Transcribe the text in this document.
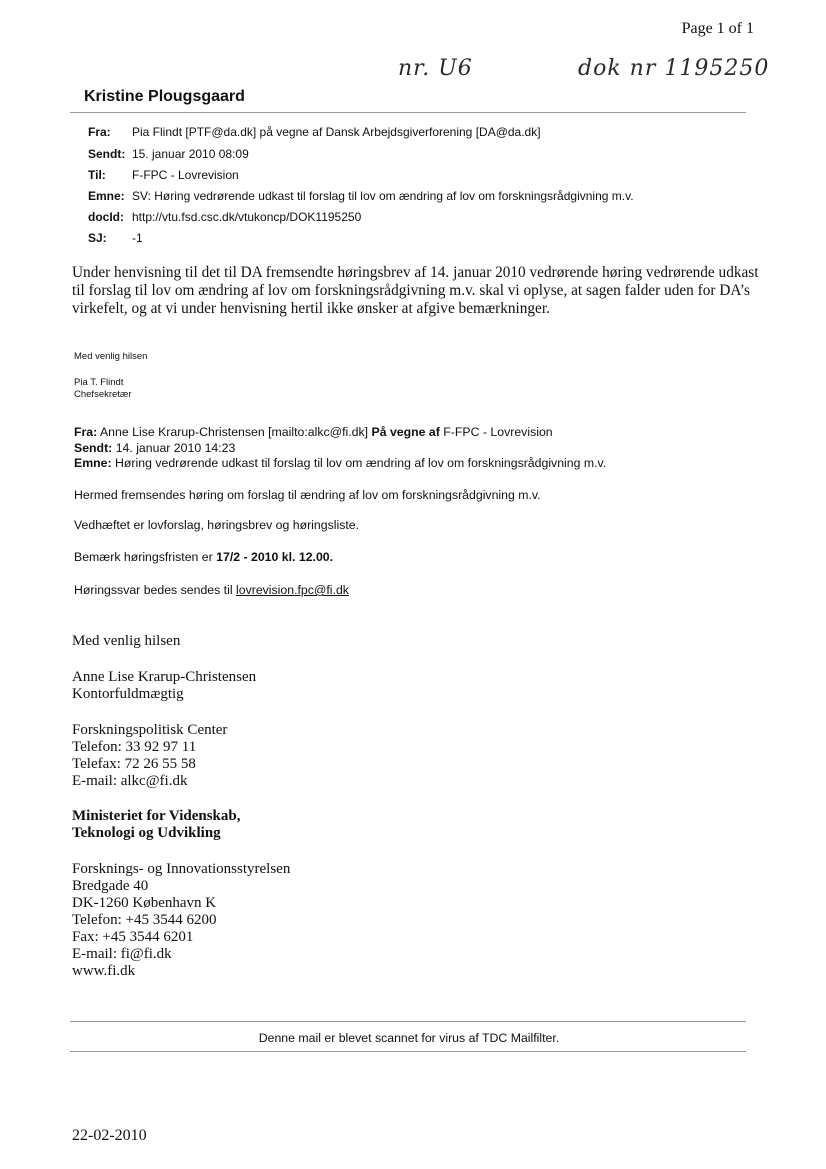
Page 1 of 1
nr. U6	dok nr 1195250
Kristine Plougsgaard
Fra: Pia Flindt [PTF@da.dk] på vegne af Dansk Arbejdsgiverforening [DA@da.dk]
Sendt: 15. januar 2010 08:09
Til: F-FPC - Lovrevision
Emne: SV: Høring vedrørende udkast til forslag til lov om ændring af lov om forskningsrådgivning m.v.
docId: http://vtu.fsd.csc.dk/vtukoncp/DOK1195250
SJ: -1
Under henvisning til det til DA fremsendte høringsbrev af 14. januar 2010 vedrørende høring vedrørende udkast til forslag til lov om ændring af lov om forskningsrådgivning m.v. skal vi oplyse, at sagen falder uden for DA’s virkefelt, og at vi under henvisning hertil ikke ønsker at afgive bemærkninger.
Med venlig hilsen
Pia T. Flindt
Chefsekretær
Fra: Anne Lise Krarup-Christensen [mailto:alkc@fi.dk] På vegne af F-FPC - Lovrevision
Sendt: 14. januar 2010 14:23
Emne: Høring vedrørende udkast til forslag til lov om ændring af lov om forskningsrådgivning m.v.
Hermed fremsendes høring om forslag til ændring af lov om forskningsrådgivning m.v.
Vedhæftet er lovforslag, høringsbrev og høringsliste.
Bemærk høringsfristen er 17/2 - 2010 kl. 12.00.
Høringssvar bedes sendes til lovrevision.fpc@fi.dk
Med venlig hilsen
Anne Lise Krarup-Christensen
Kontorfuldmægtig
Forskningspolitisk Center
Telefon: 33 92 97 11
Telefax: 72 26 55 58
E-mail: alkc@fi.dk
Ministeriet for Videnskab,
Teknologi og Udvikling
Forsknings- og Innovationsstyrelsen
Bredgade 40
DK-1260 København K
Telefon: +45 3544 6200
Fax: +45 3544 6201
E-mail: fi@fi.dk
www.fi.dk
Denne mail er blevet scannet for virus af TDC Mailfilter.
22-02-2010
